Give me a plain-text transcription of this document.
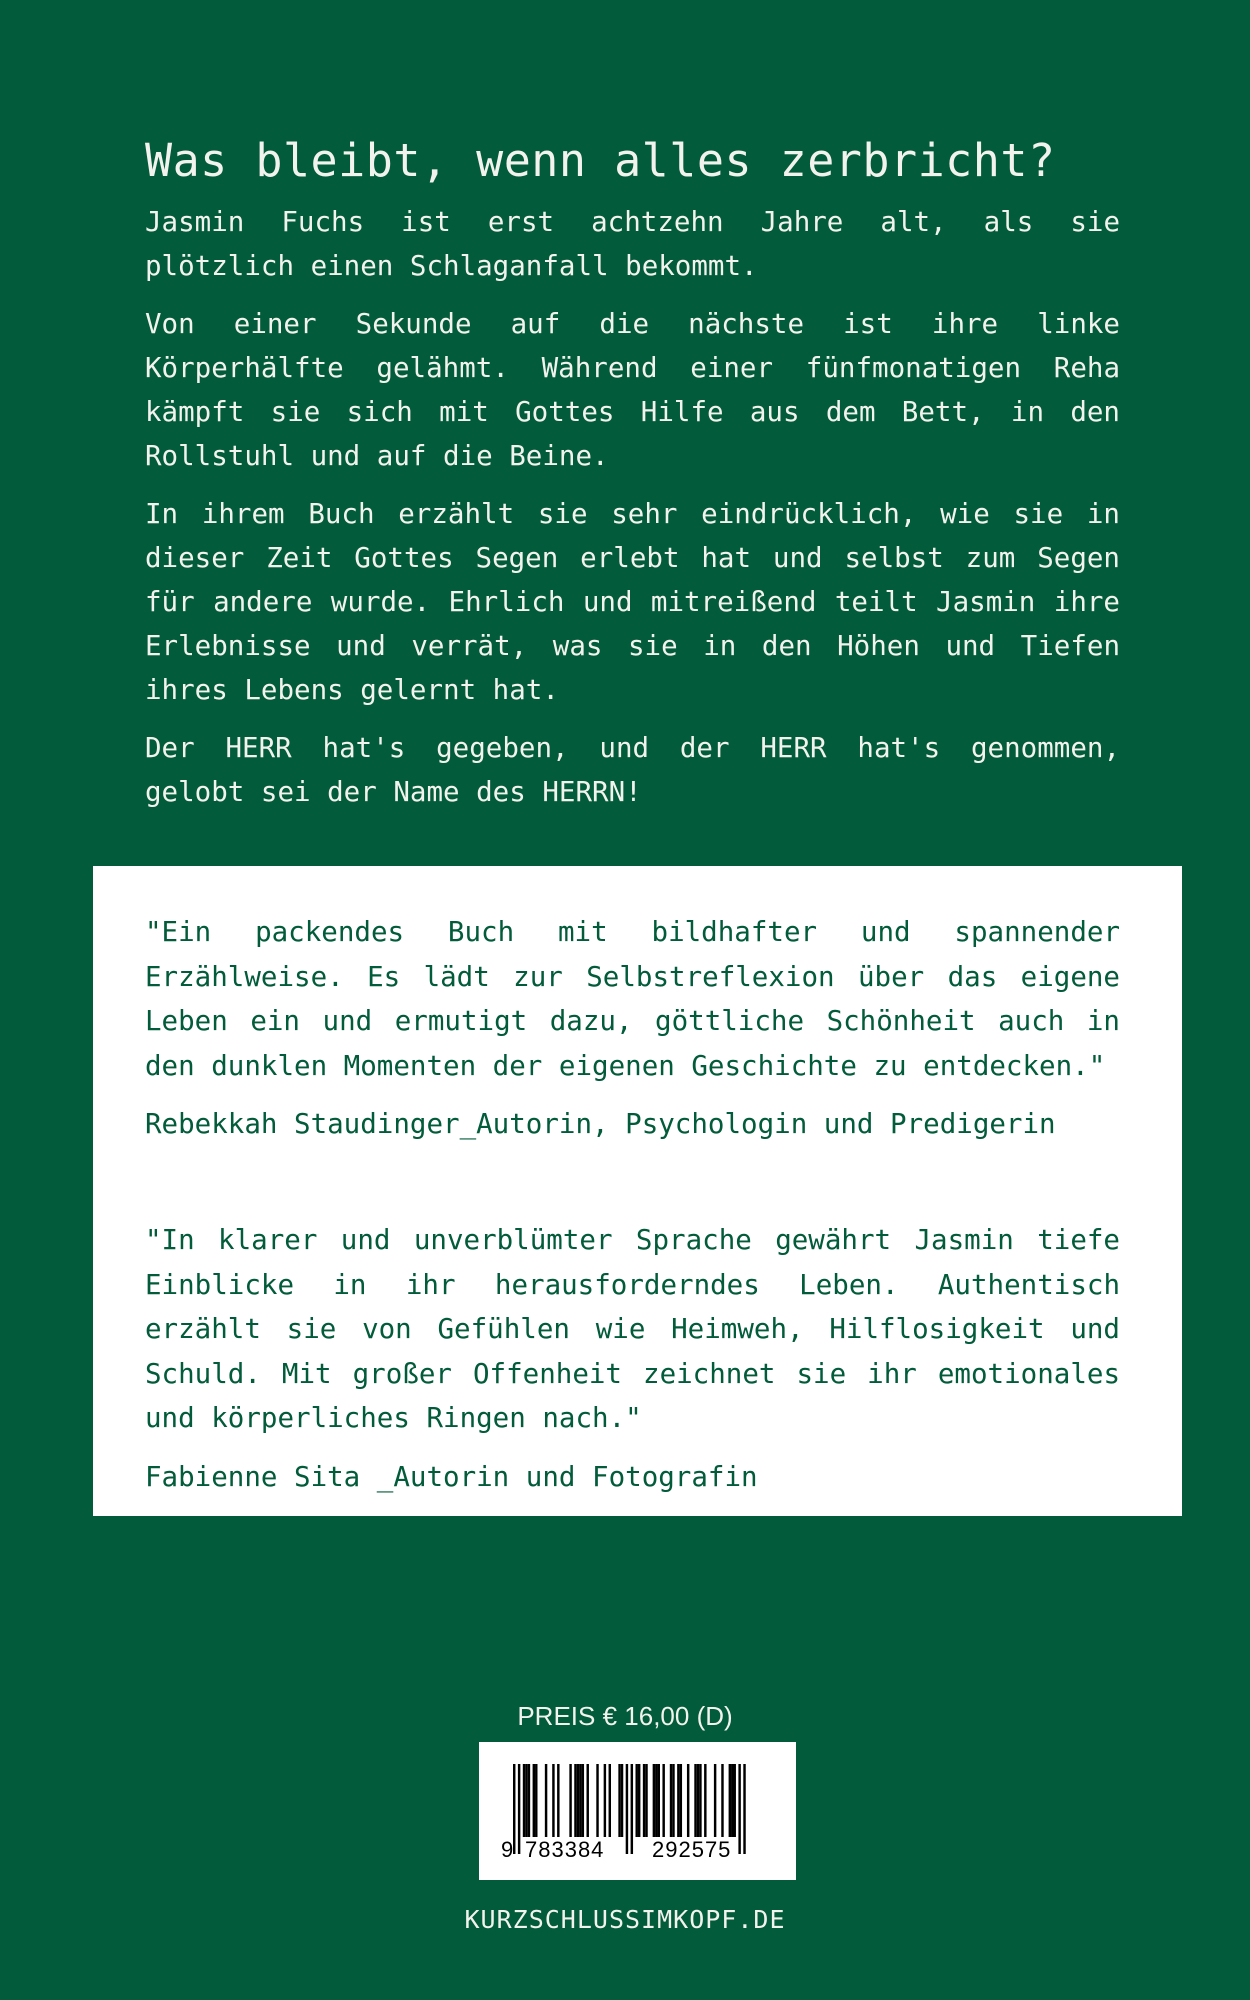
Was bleibt, wenn alles zerbricht?

Jasmin Fuchs ist erst achtzehn Jahre alt, als sie plötzlich einen Schlaganfall bekommt.

Von einer Sekunde auf die nächste ist ihre linke Körperhälfte gelähmt. Während einer fünfmonatigen Reha kämpft sie sich mit Gottes Hilfe aus dem Bett, in den Rollstuhl und auf die Beine.

In ihrem Buch erzählt sie sehr eindrücklich, wie sie in dieser Zeit Gottes Segen erlebt hat und selbst zum Segen für andere wurde. Ehrlich und mitreißend teilt Jasmin ihre Erlebnisse und verrät, was sie in den Höhen und Tiefen ihres Lebens gelernt hat.

Der HERR hat's gegeben, und der HERR hat's genommen, gelobt sei der Name des HERRN!

"Ein packendes Buch mit bildhafter und spannender Erzählweise. Es lädt zur Selbstreflexion über das eigene Leben ein und ermutigt dazu, göttliche Schönheit auch in den dunklen Momenten der eigenen Geschichte zu entdecken."

Rebekkah Staudinger_Autorin, Psychologin und Predigerin

"In klarer und unverblümter Sprache gewährt Jasmin tiefe Einblicke in ihr herausforderndes Leben. Authentisch erzählt sie von Gefühlen wie Heimweh, Hilflosigkeit und Schuld. Mit großer Offenheit zeichnet sie ihr emotionales und körperliches Ringen nach."

Fabienne Sita _Autorin und Fotografin

PREIS € 16,00 (D)
9 783384 292575
KURZSCHLUSSIMKOPF.DE
